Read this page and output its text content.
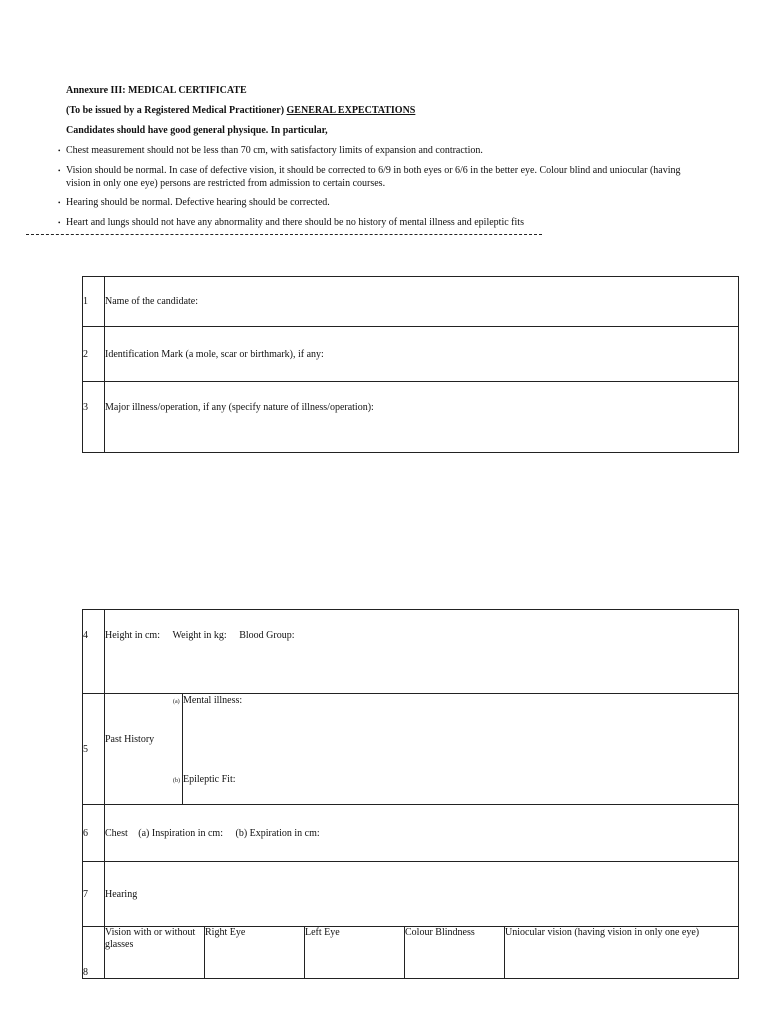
Annexure III: MEDICAL CERTIFICATE
(To be issued by a Registered Medical Practitioner) GENERAL EXPECTATIONS
Candidates should have good general physique. In particular,
• Chest measurement should not be less than 70 cm, with satisfactory limits of expansion and contraction.
• Vision should be normal. In case of defective vision, it should be corrected to 6/9 in both eyes or 6/6 in the better eye. Colour blind and uniocular (having
vision in only one eye) persons are restricted from admission to certain courses.
• Hearing should be normal. Defective hearing should be corrected.
• Heart and lungs should not have any abnormality and there should be no history of mental illness and epileptic fits
1	Name of the candidate:
2	Identification Mark (a mole, scar or birthmark), if any:
3	Major illness/operation, if any (specify nature of illness/operation):
4	Height in cm: Weight in kg: Blood Group:				
5	Past History
(a) Mental illness:
(b) Epileptic Fit:				

6	Chest (a) Inspiration in cm: (b) Expiration in cm:				
7	Hearing				
8	Vision with or without glasses	Right Eye	Left Eye	Colour Blindness	Uniocular vision (having vision in only one eye)
